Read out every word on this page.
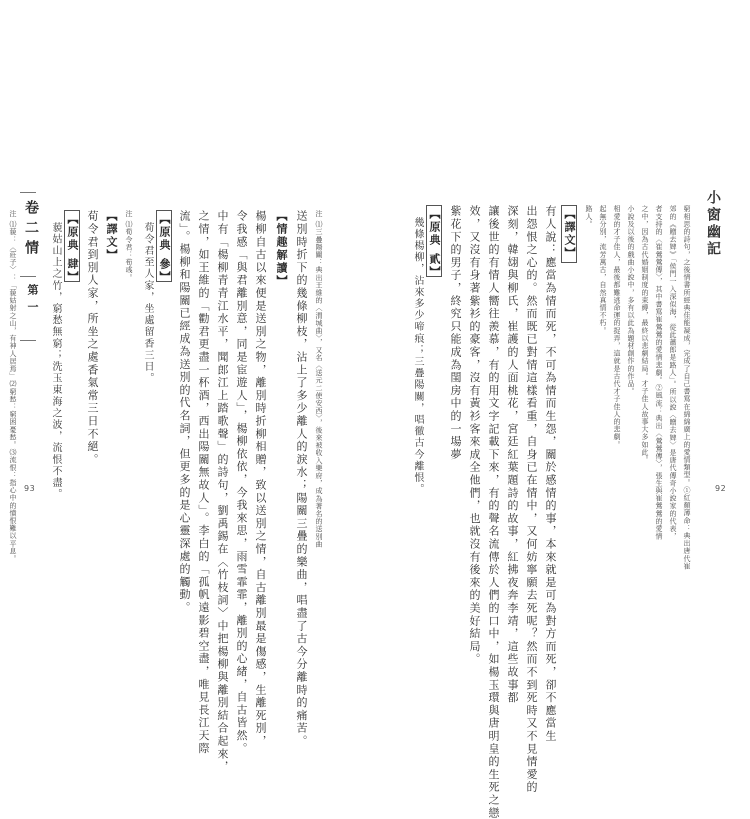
卷二情
第一	注 ⑴三疊陽關：典出王維的〈渭城曲〉，又名〈送元二使安西〉，後來被收入樂府，成為著名的送別曲
送別時折下的幾條柳枝，沾上了多少離人的淚水；陽關三疊的樂曲，唱盡了古今分離時的痛苦。
【情趣解讀】
楊柳自古以來便是送別之物，離別時折柳相贈，致以送別之情，自古離別最是傷感，生離死別，
令我感「與君離別意，同是宦遊人」，楊柳依依，今我來思，雨雪霏霏，離別的心緒，自古皆然。
中有「楊柳青青江水平，聞郎江上踏歌聲」的詩句，劉禹錫在〈竹枝詞〉中把楊柳與離別結合起來，
之情，如王維的「勸君更盡一杯酒，西出陽關無故人」。李白的「孤帆遠影碧空盡，唯見長江天際
流」。楊柳和陽關已經成為送別的代名詞，但更多的是心靈深處的觸動。
【原典 參】
荀令君至人家，坐處留香三日。
注 ⑴荀令君：荀彧。
【譯文】
荀令君到別人家，所坐之處香氣常三日不絕。
【原典 肆】
藐姑山上之竹，窮愁無窮；洗玉東海之波，流恨不盡。
注 ⑴藐：〈莊子〉：「藐姑射之山，有神人居焉」⑵窮愁：窮困憂愁。⑶流恨：指心中的憤恨難以平息。 93
小窗幽記
窮相思的詩句，之後情書所經典佳能凝成，完成了自己書寫在綿綿廣上的愛情類型。①紅顏薄命：典出唐代崔
郊的《贈去婢》「侯門一入深似海，從此蕭郎是路人」。所以說〈贈去婢〉是唐代傳奇小說家的代表，
者支持的〈崔鶯鶯傳〉，其中書寫崔鶯鶯的愛情悲劇。②風流：典出〈鶯鶯傳〉，張生與崔鶯鶯的愛情
之中，因為古代婚姻制度的束縛，最終以悲劇結局。才子佳人故事大多如此。
小說及以後的戲曲小說中，多有以此為題材創作的作品。
相愛的才子佳人，最後都難逃命運的捉弄，這就是古代才子佳人的悲劇。
起無分別，流芳萬古，自然真情不朽。
路人。
【譯文】
有人說：應當為情而死，不可為情而生怨，關於感情的事，本來就是可為對方而死，卻不應當生
出怨恨之心的。然而既已對情這樣看重，自身已在情中，又何妨寧願去死呢？然而不到死時又不見情愛的
深刻，韓翃與柳氏，崔護的人面桃花，宮廷紅葉題詩的故事，紅拂夜奔李靖，這些故事都
讓後世的有情人嚮往羨慕，有的用文字記載下來，有的聲名流傳於人們的口中，如楊玉環與唐明皇的生死之戀
效，又沒有身著紫衫的豪客，沒有黃衫客來成全他們，也就沒有後來的美好結局。
紫花下的男子，終究只能成為閨房中的一場夢
【原典 貳】
幾條楊柳，沾來多少啼痕；三疊陽關，唱徹古今離恨。	92
